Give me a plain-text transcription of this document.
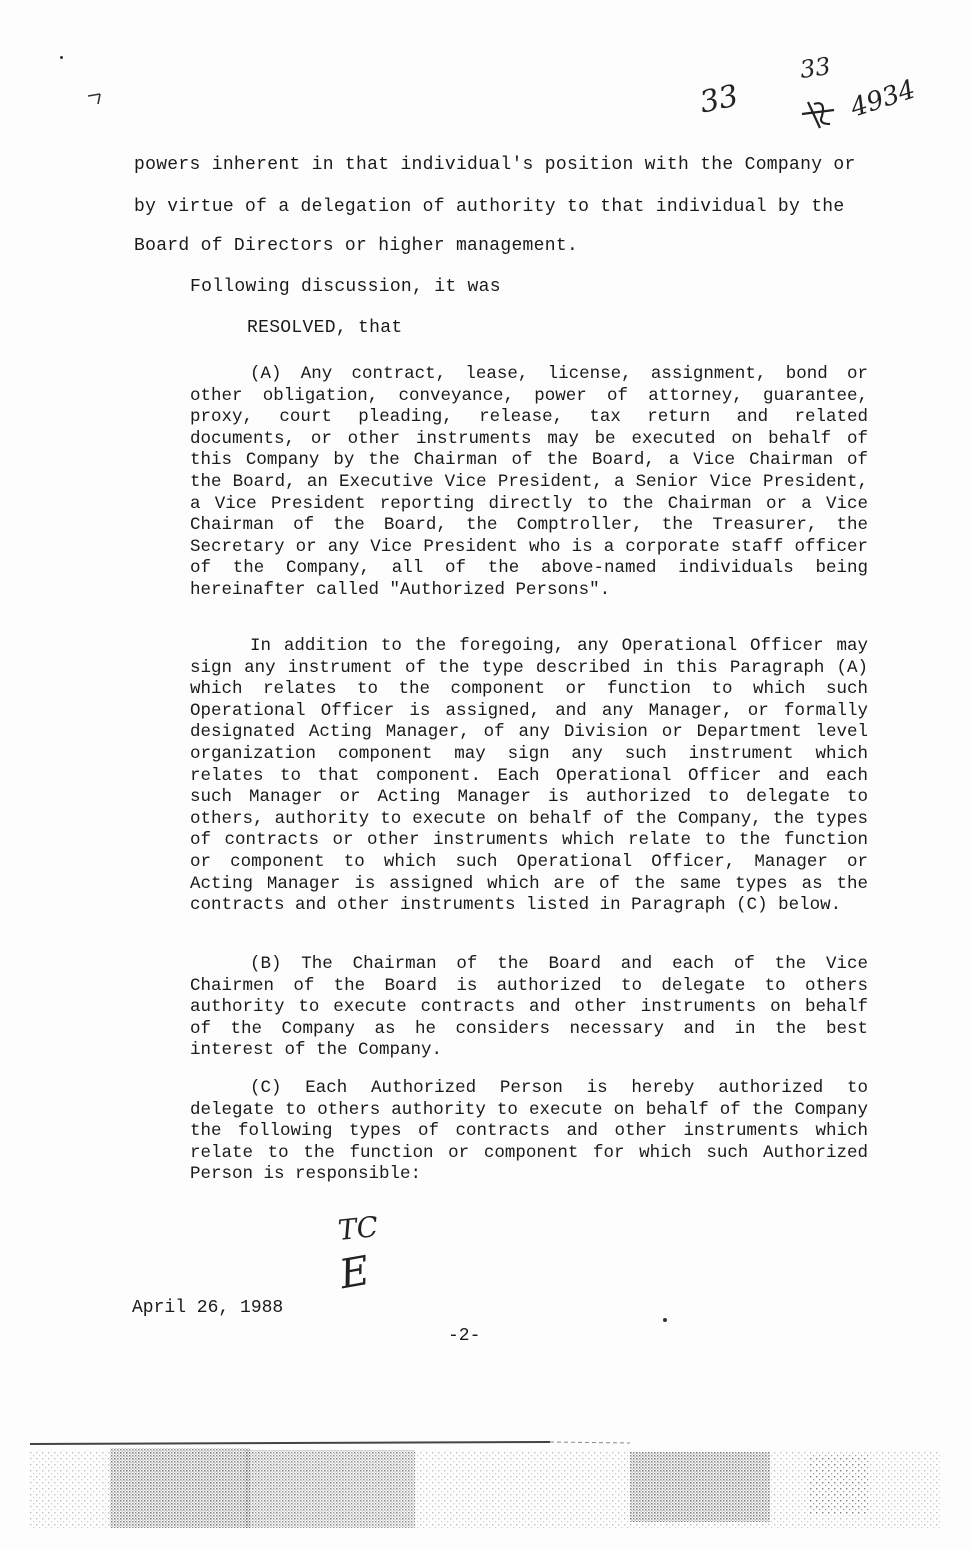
33
33
4934
powers inherent in that individual's position with the Company or
by virtue of a delegation of authority to that individual by the
Board of Directors or higher management.
Following discussion, it was
RESOLVED, that

(A) Any contract, lease, license, assignment, bond or other obligation, conveyance, power of attorney, guarantee, proxy, court pleading, release, tax return and related documents, or other instruments may be executed on behalf of this Company by the Chairman of the Board, a Vice Chairman of the Board, an Executive Vice President, a Senior Vice President, a Vice President reporting directly to the Chairman or a Vice Chairman of the Board, the Comptroller, the Treasurer, the Secretary or any Vice President who is a corporate staff officer of the Company, all of the above-named individuals being hereinafter called "Authorized Persons".

In addition to the foregoing, any Operational Officer may sign any instrument of the type described in this Paragraph (A) which relates to the component or function to which such Operational Officer is assigned, and any Manager, or formally designated Acting Manager, of any Division or Department level organization component may sign any such instrument which relates to that component. Each Operational Officer and each such Manager or Acting Manager is authorized to delegate to others, authority to execute on behalf of the Company, the types of contracts or other instruments which relate to the function or component to which such Operational Officer, Manager or Acting Manager is assigned which are of the same types as the contracts and other instruments listed in Paragraph (C) below.

(B) The Chairman of the Board and each of the Vice Chairmen of the Board is authorized to delegate to others authority to execute contracts and other instruments on behalf of the Company as he considers necessary and in the best interest of the Company.

(C) Each Authorized Person is hereby authorized to delegate to others authority to execute on behalf of the Company the following types of contracts and other instruments which relate to the function or component for which such Authorized Person is responsible:

TC
E
April 26, 1988
-2-
